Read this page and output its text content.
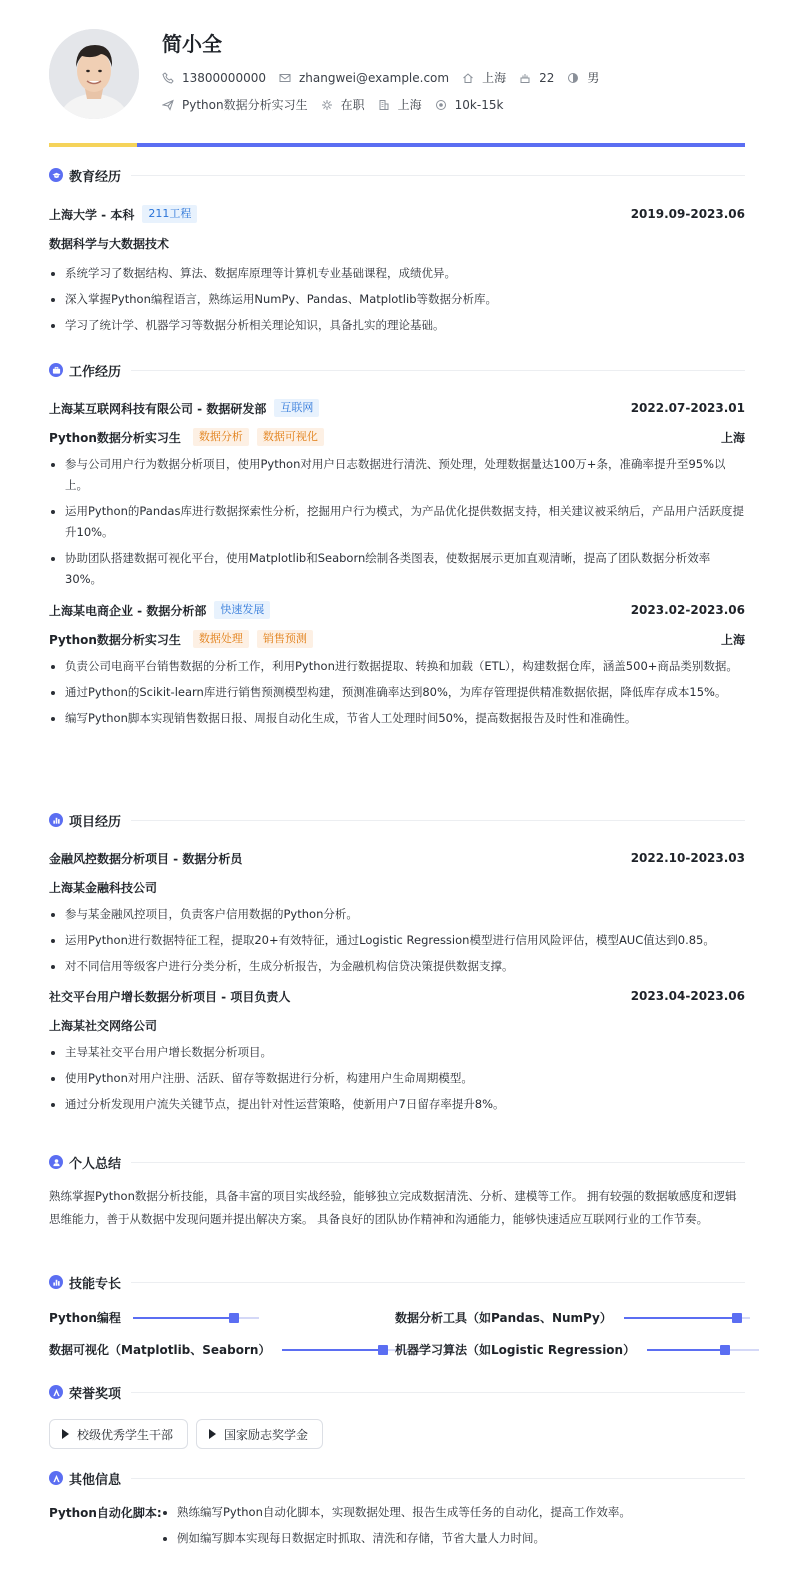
简小全
13800000000	zhangwei@example.com	上海	22	男
Python数据分析实习生	在职	上海	10k-15k
教育经历
上海大学 - 本科	211工程	2019.09-2023.06
数据科学与大数据技术
系统学习了数据结构、算法、数据库原理等计算机专业基础课程，成绩优异。
深入掌握Python编程语言，熟练运用NumPy、Pandas、Matplotlib等数据分析库。
学习了统计学、机器学习等数据分析相关理论知识，具备扎实的理论基础。
工作经历
上海某互联网科技有限公司 - 数据研发部	互联网	2022.07-2023.01
Python数据分析实习生	数据分析	数据可视化	上海
参与公司用户行为数据分析项目，使用Python对用户日志数据进行清洗、预处理，处理数据量达100万+条，准确率提升至95%以上。
运用Python的Pandas库进行数据探索性分析，挖掘用户行为模式，为产品优化提供数据支持，相关建议被采纳后，产品用户活跃度提升10%。
协助团队搭建数据可视化平台，使用Matplotlib和Seaborn绘制各类图表，使数据展示更加直观清晰，提高了团队数据分析效率30%。
上海某电商企业 - 数据分析部	快速发展	2023.02-2023.06
Python数据分析实习生	数据处理	销售预测	上海
负责公司电商平台销售数据的分析工作，利用Python进行数据提取、转换和加载（ETL），构建数据仓库，涵盖500+商品类别数据。
通过Python的Scikit-learn库进行销售预测模型构建，预测准确率达到80%，为库存管理提供精准数据依据，降低库存成本15%。
编写Python脚本实现销售数据日报、周报自动化生成，节省人工处理时间50%，提高数据报告及时性和准确性。
项目经历
金融风控数据分析项目 - 数据分析员	2022.10-2023.03
上海某金融科技公司
参与某金融风控项目，负责客户信用数据的Python分析。
运用Python进行数据特征工程，提取20+有效特征，通过Logistic Regression模型进行信用风险评估，模型AUC值达到0.85。
对不同信用等级客户进行分类分析，生成分析报告，为金融机构信贷决策提供数据支撑。
社交平台用户增长数据分析项目 - 项目负责人	2023.04-2023.06
上海某社交网络公司
主导某社交平台用户增长数据分析项目。
使用Python对用户注册、活跃、留存等数据进行分析，构建用户生命周期模型。
通过分析发现用户流失关键节点，提出针对性运营策略，使新用户7日留存率提升8%。
个人总结
熟练掌握Python数据分析技能，具备丰富的项目实战经验，能够独立完成数据清洗、分析、建模等工作。 拥有较强的数据敏感度和逻辑思维能力，善于从数据中发现问题并提出解决方案。 具备良好的团队协作精神和沟通能力，能够快速适应互联网行业的工作节奏。
技能专长
Python编程	数据分析工具（如Pandas、NumPy）
数据可视化（Matplotlib、Seaborn）	机器学习算法（如Logistic Regression）
荣誉奖项
校级优秀学生干部	国家励志奖学金
其他信息
Python自动化脚本:	熟练编写Python自动化脚本，实现数据处理、报告生成等任务的自动化，提高工作效率。
例如编写脚本实现每日数据定时抓取、清洗和存储，节省大量人力时间。
